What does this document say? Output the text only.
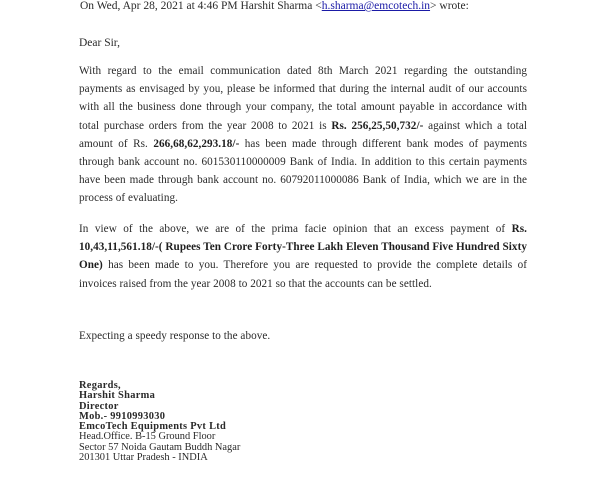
On Wed, Apr 28, 2021 at 4:46 PM Harshit Sharma <h.sharma@emcotech.in> wrote:
Dear Sir,
With regard to the email communication dated 8th March 2021 regarding the outstanding payments as envisaged by you, please be informed that during the internal audit of our accounts with all the business done through your company, the total amount payable in accordance with total purchase orders from the year 2008 to 2021 is Rs. 256,25,50,732/- against which a total amount of Rs. 266,68,62,293.18/- has been made through different bank modes of payments through bank account no. 601530110000009 Bank of India. In addition to this certain payments have been made through bank account no. 60792011000086 Bank of India, which we are in the process of evaluating.
In view of the above, we are of the prima facie opinion that an excess payment of Rs. 10,43,11,561.18/-( Rupees Ten Crore Forty-Three Lakh Eleven Thousand Five Hundred Sixty One) has been made to you. Therefore you are requested to provide the complete details of invoices raised from the year 2008 to 2021 so that the accounts can be settled.
Expecting a speedy response to the above.
Regards,
Harshit Sharma
Director
Mob.- 9910993030
EmcoTech Equipments Pvt Ltd
Head.Office. B-15 Ground Floor
Sector 57 Noida Gautam Buddh Nagar
201301 Uttar Pradesh - INDIA
